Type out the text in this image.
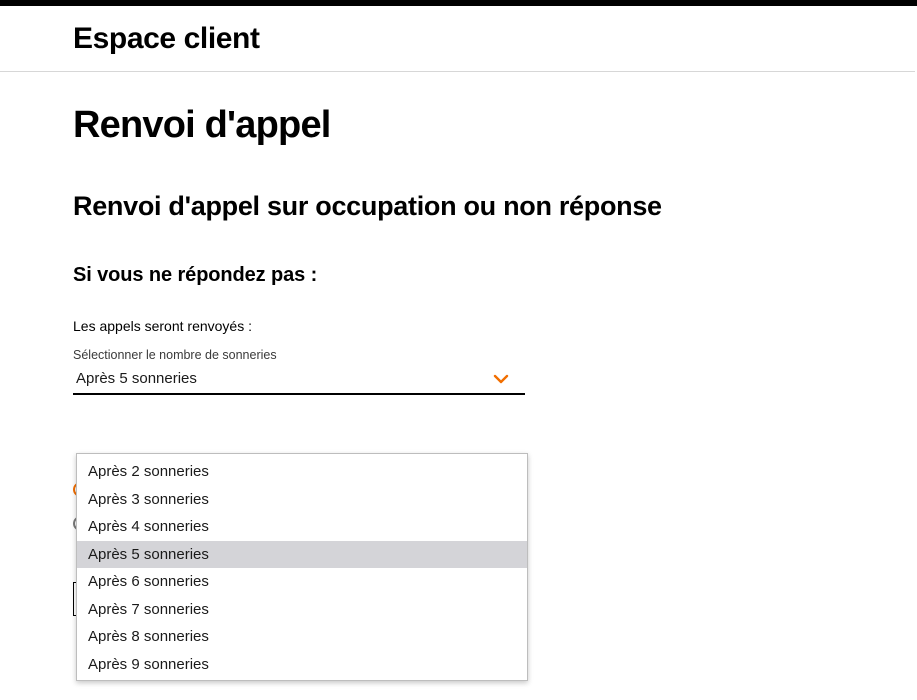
Espace client
Renvoi d'appel
Renvoi d'appel sur occupation ou non réponse
Si vous ne répondez pas :

Les appels seront renvoyés :

Sélectionner le nombre de sonneries
Après 5 sonneries
Après 2 sonneries
Après 3 sonneries
Après 4 sonneries
Après 5 sonneries
Après 6 sonneries
Après 7 sonneries
Après 8 sonneries
Après 9 sonneries
